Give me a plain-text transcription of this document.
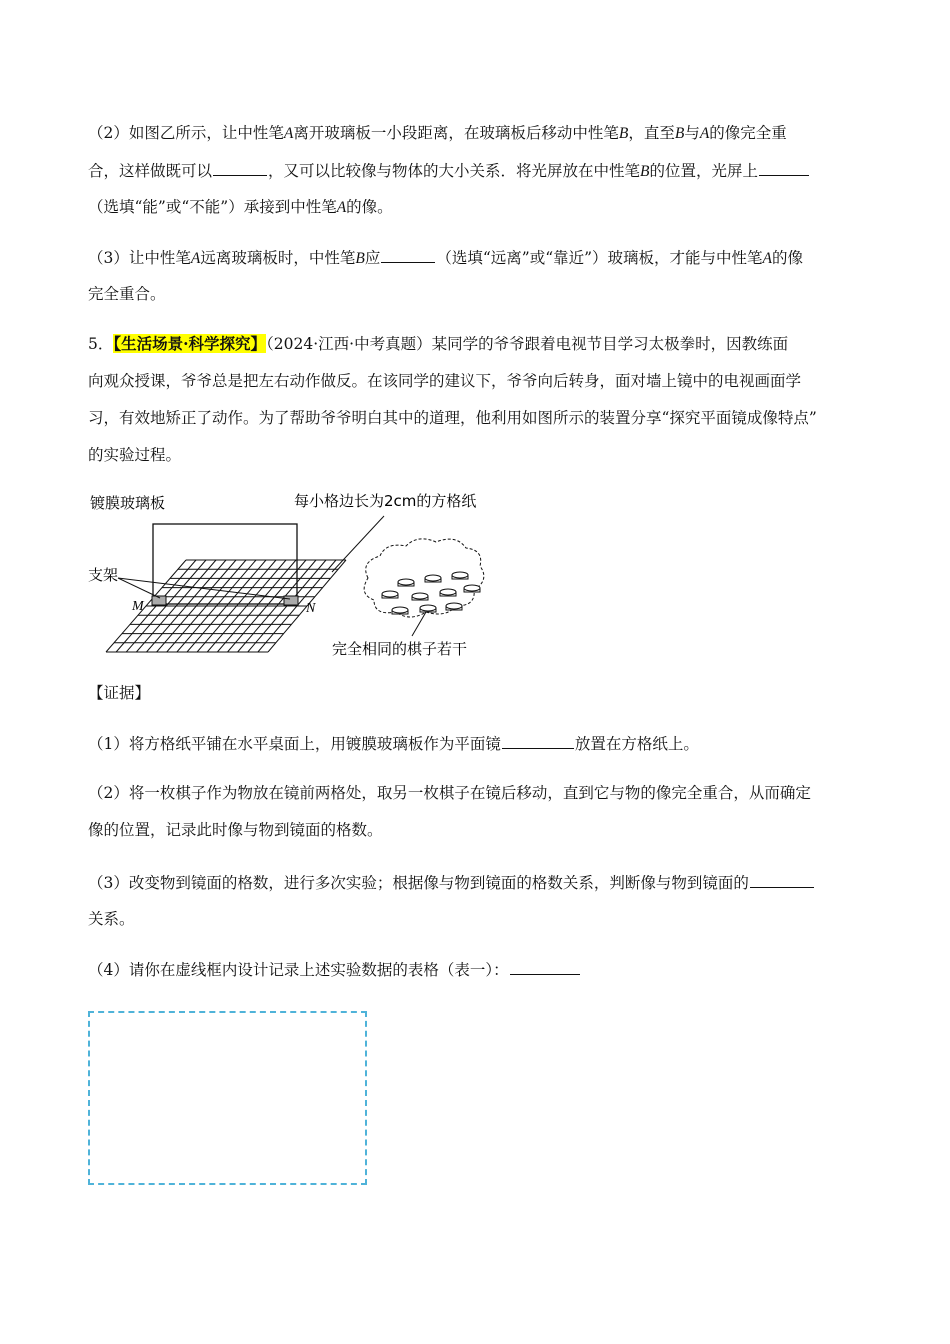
（2）如图乙所示，让中性笔A离开玻璃板一小段距离，在玻璃板后移动中性笔B，直至B与A的像完全重
合，这样做既可以	，又可以比较像与物体的大小关系．将光屏放在中性笔B的位置，光屏上
（选填“能”或“不能”）承接到中性笔A的像。
（3）让中性笔A远离玻璃板时，中性笔B应	（选填“远离”或“靠近”）玻璃板，才能与中性笔A的像
完全重合。
5．【生活场景·科学探究】（2024·江西·中考真题）某同学的爷爷跟着电视节目学习太极拳时，因教练面
向观众授课，爷爷总是把左右动作做反。在该同学的建议下，爷爷向后转身，面对墙上镜中的电视画面学
习，有效地矫正了动作。为了帮助爷爷明白其中的道理，他利用如图所示的装置分享“探究平面镜成像特点”
的实验过程。
镀膜玻璃板	每小格边长为2cm的方格纸
支架
M	N
完全相同的棋子若干
【证据】
（1）将方格纸平铺在水平桌面上，用镀膜玻璃板作为平面镜	放置在方格纸上。
（2）将一枚棋子作为物放在镜前两格处，取另一枚棋子在镜后移动，直到它与物的像完全重合，从而确定
像的位置，记录此时像与物到镜面的格数。
（3）改变物到镜面的格数，进行多次实验；根据像与物到镜面的格数关系，判断像与物到镜面的
关系。
（4）请你在虚线框内设计记录上述实验数据的表格（表一）：
